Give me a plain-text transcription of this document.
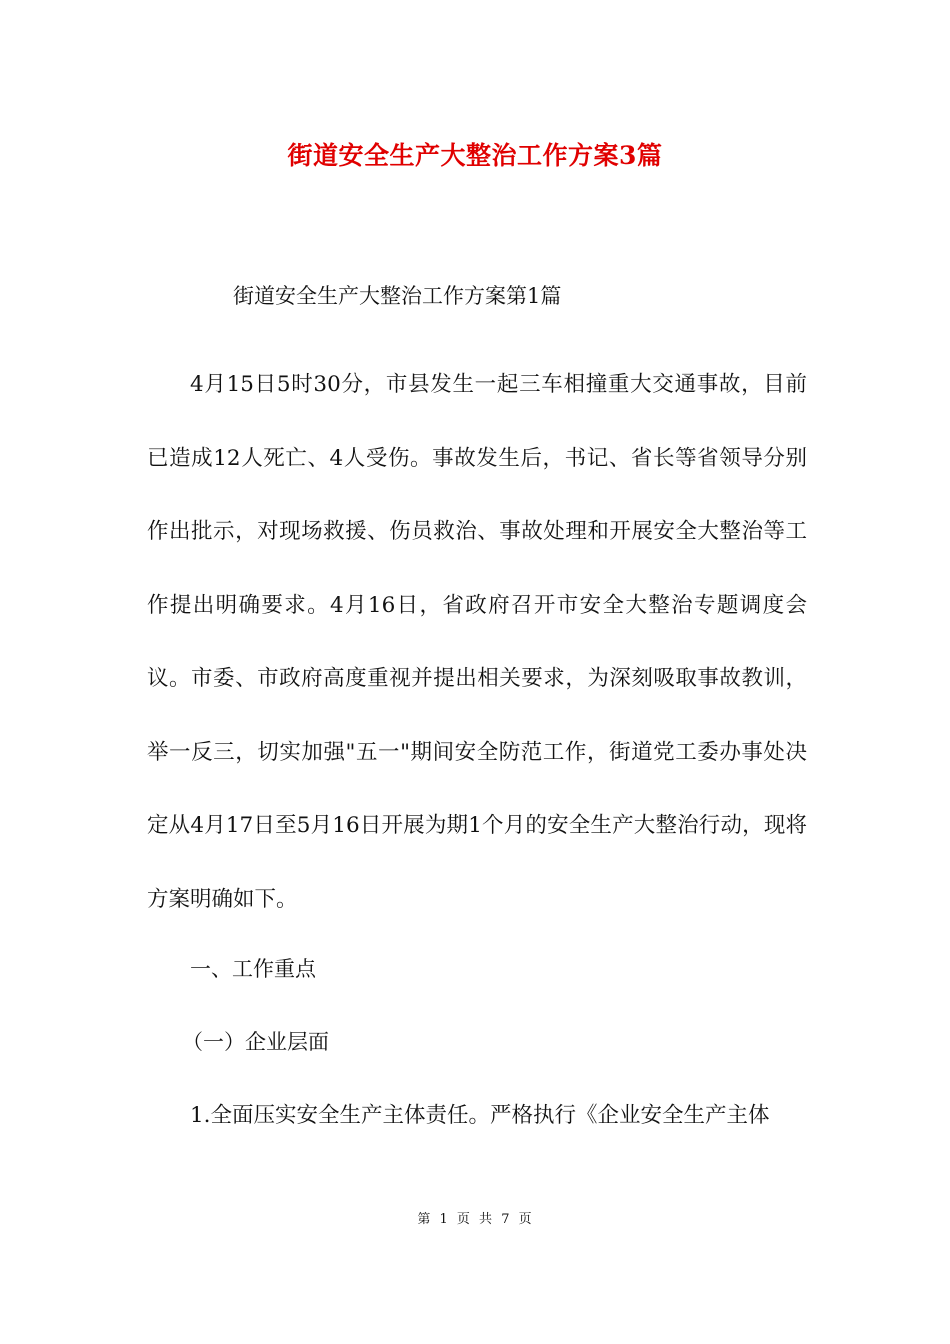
街道安全生产大整治工作方案3篇
街道安全生产大整治工作方案第1篇

4月15日5时30分，市县发生一起三车相撞重大交通事故，目前已造成12人死亡、4人受伤。事故发生后，书记、省长等省领导分别作出批示，对现场救援、伤员救治、事故处理和开展安全大整治等工作提出明确要求。4月16日，省政府召开市安全大整治专题调度会议。市委、市政府高度重视并提出相关要求，为深刻吸取事故教训，举一反三，切实加强"五一"期间安全防范工作，街道党工委办事处决定从4月17日至5月16日开展为期1个月的安全生产大整治行动，现将方案明确如下。

一、工作重点
（一）企业层面
1.全面压实安全生产主体责任。严格执行《企业安全生产主体
第 1 页 共 7 页
